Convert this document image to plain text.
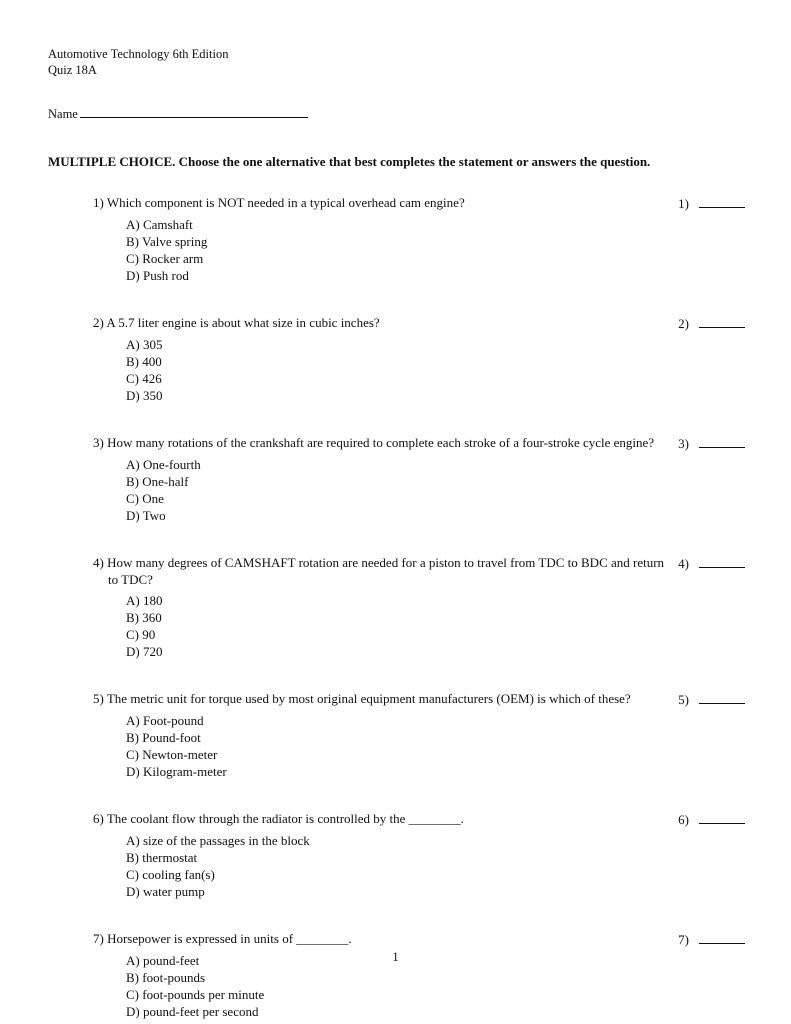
Automotive Technology 6th Edition

Quiz 18A

Name
MULTIPLE CHOICE. Choose the one alternative that best completes the statement or answers the question.
1) Which component is NOT needed in a typical overhead cam engine?	1)
A) Camshaft
B) Valve spring
C) Rocker arm
D) Push rod
2) A 5.7 liter engine is about what size in cubic inches?	2)
A) 305
B) 400
C) 426
D) 350
3) How many rotations of the crankshaft are required to complete each stroke of a four-stroke cycle engine?	3)
A) One-fourth
B) One-half
C) One
D) Two
4) How many degrees of CAMSHAFT rotation are needed for a piston to travel from TDC to BDC and return to TDC?
4)
A) 180
B) 360
C) 90
D) 720
5) The metric unit for torque used by most original equipment manufacturers (OEM) is which of these?	5)
A) Foot-pound
B) Pound-foot
C) Newton-meter
D) Kilogram-meter
6) The coolant flow through the radiator is controlled by the ________.	6)
A) size of the passages in the block
B) thermostat
C) cooling fan(s)
D) water pump
7) Horsepower is expressed in units of ________.	7)
A) pound-feet
B) foot-pounds
C) foot-pounds per minute
D) pound-feet per second
1
